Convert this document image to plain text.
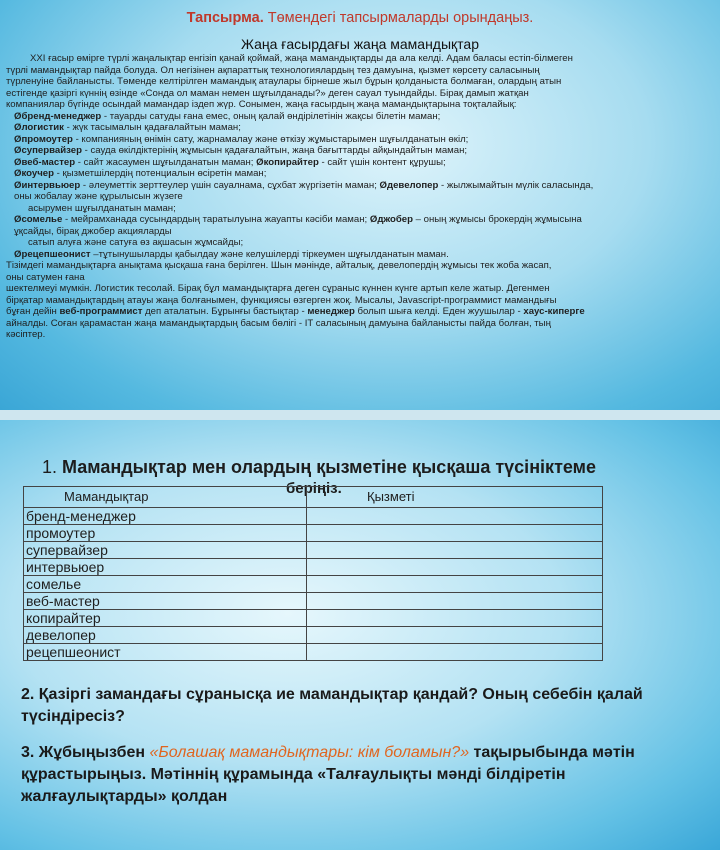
Тапсырма. Төмендегі тапсырмаларды орындаңыз.
Жаңа ғасырдағы жаңа мамандықтар

XXI ғасыр өмірге түрлі жаңалықтар енгізіп қанай қоймай, жаңа мамандықтарды да ала келді. Адам баласы естіп-білмеген

түрлі мамандықтар пайда болуда. Ол негізінен ақпараттық технологиялардың тез дамуына, қызмет көрсету саласының

түрленуіне байланысты. Төменде келтірілген мамандық атаулары бірнеше жыл бұрын қолданыста болмаған, олардың атын

естігенде қазіргі күннің өзінде «Сонда ол маман немен шұғылданады?» деген сауал туындайды. Бірақ дамып жатқан

компаниялар бүгінде осындай мамандар іздеп жүр. Сонымен, жаңа ғасырдың жаңа мамандықтарына тоқталайық:

Øбренд-менеджер - тауарды сатуды ғана емес, оның қалай өндірілетінін жақсы білетін маман;

Øлогистик - жүк тасымалын қадағалайтын маман;

Øпромоутер - компанияның өнімін сату, жарнамалау және өткізу жұмыстарымен шұғылданатын өкіл;

Øсупервайзер - сауда өкілдіктерінің жұмысын қадағалайтын, жаңа бағыттарды айқындайтын маман;

Øвеб-мастер - сайт жасаумен шұғылданатын маман; Øкопирайтер - сайт үшін контент құрушы;

Øкоучер - қызметшілердің потенциалын өсіретін маман;

Øинтервьюер - әлеуметтік зерттеулер үшін сауалнама, сұхбат жүргізетін маман; Øдевелопер - жылжымайтын мүлік саласында,

оны жобалау және құрылысын жүзеге

асырумен шұғылданатын маман;

Øсомелье - мейрамханада сусындардың таратылуына жауапты кәсіби маман; Øджобер – оның жұмысы брокердің жұмысына

ұқсайды, бірақ джобер акцияларды

сатып алуға және сатуға өз ақшасын жұмсайды;

Øрецепшеонист –тұтынушыларды қабылдау және келушілерді тіркеумен шұғылданатын маман.

Тізімдегі мамандықтарға анықтама қысқаша ғана берілген. Шын мәнінде, айталық, девелопердің жұмысы тек жоба жасап,

оны сатумен ғана

шектелмеуі мүмкін. Логистик тесолай. Бірақ бұл мамандықтарға деген сұраныс күннен күнге артып келе жатыр. Дегенмен

бірқатар мамандықтардың атауы жаңа болғанымен, функциясы өзгерген жоқ. Мысалы, Javascript-программист мамандығы

бұған дейін веб-программист деп аталатын. Бұрынғы бастықтар - менеджер болып шыға келді. Еден жуушылар - хаус-киперге

айналды. Соған қарамастан жаңа мамандықтардың басым бөлігі - IT саласының дамуына байланысты пайда болған, тың

кәсіптер.

1. Мамандықтар мен олардың қызметіне қысқаша түсініктеме
беріңіз.
Мамандықтар	Қызметі
бренд-менеджер	
промоутер	
супервайзер	
интервьюер	
сомелье	
веб-мастер	
копирайтер	
девелопер	
рецепшеонист	
2. Қазіргі замандағы сұранысқа ие мамандықтар қандай? Оның себебін қалай түсіндіресіз?
3. Жұбыңызбен «Болашақ мамандықтары: кім боламын?» тақырыбында мәтін құрастырыңыз. Мәтіннің құрамында «Талғаулықты мәнді білдіретін жалғаулықтарды» қолдан
